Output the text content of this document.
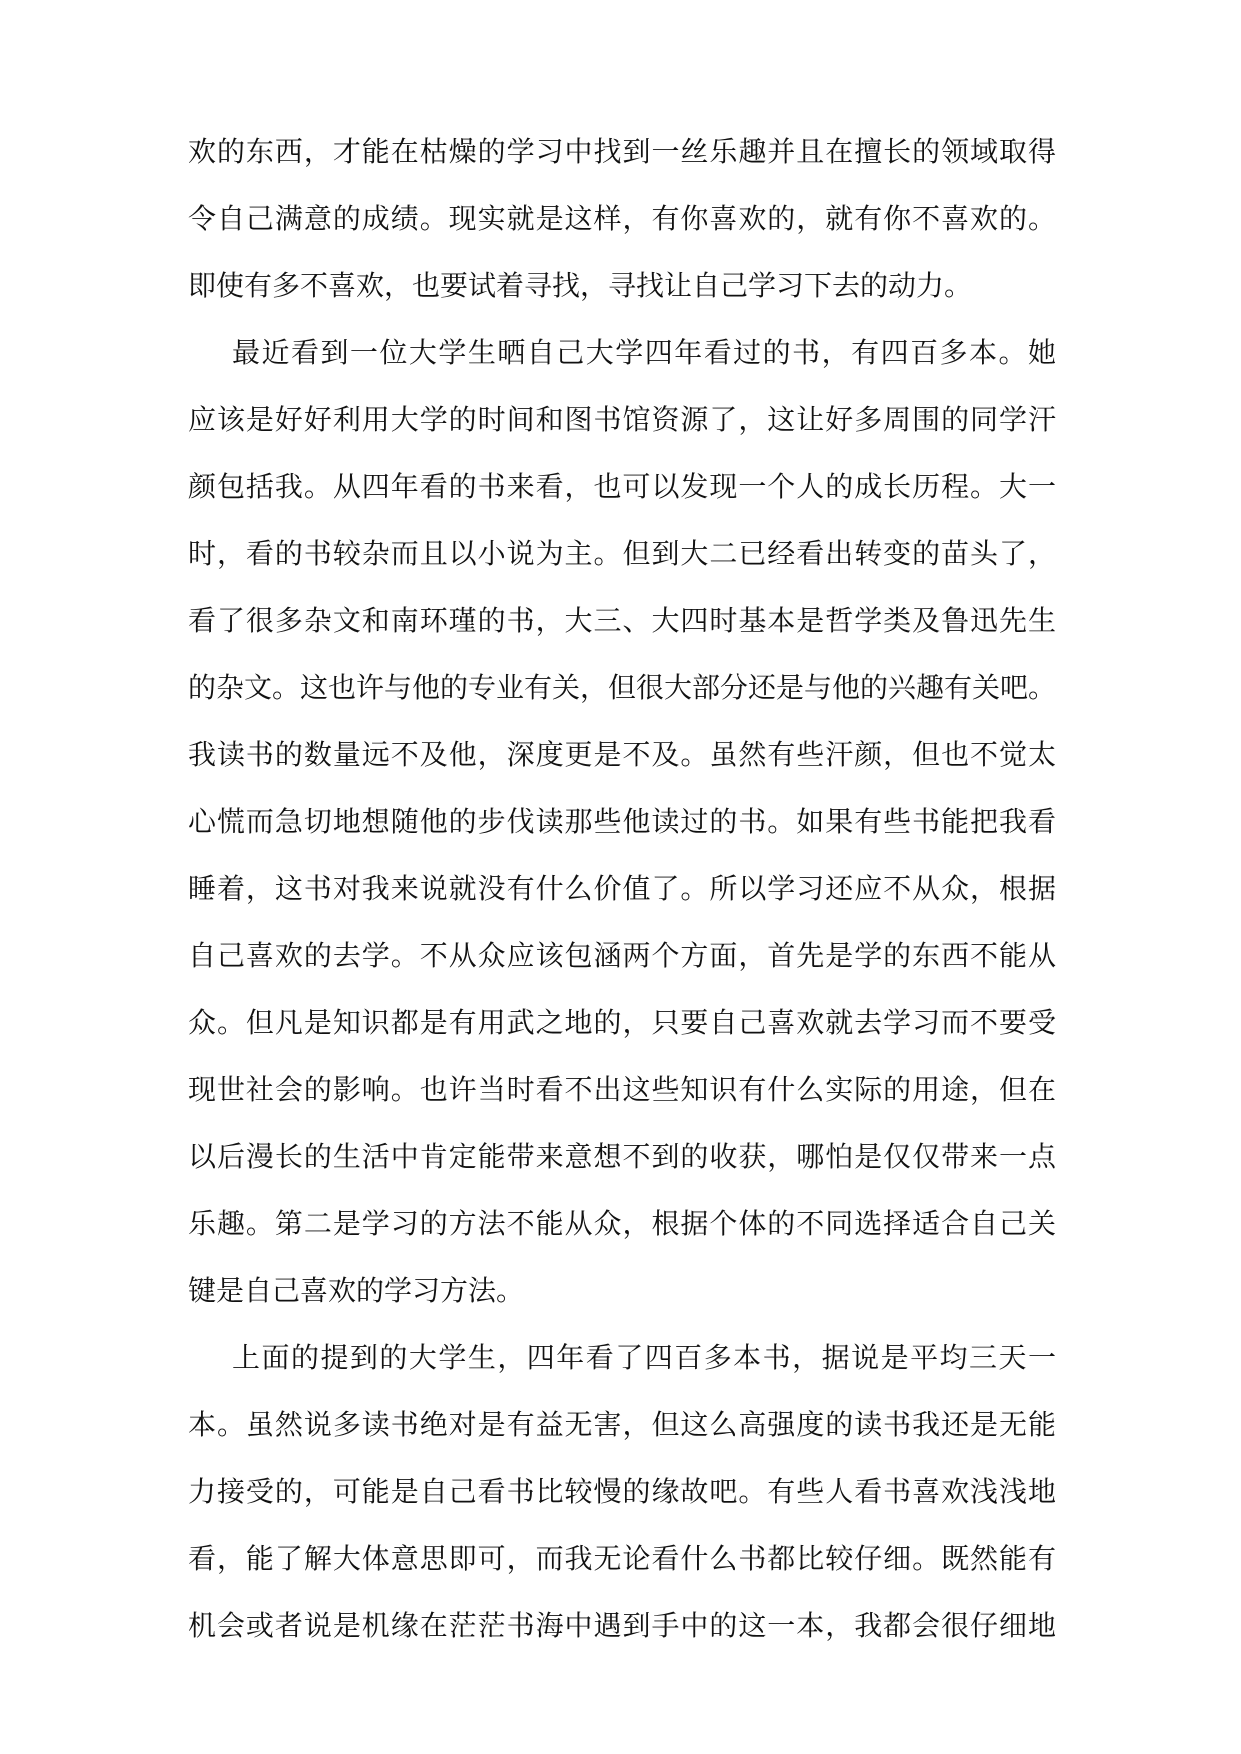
欢的东西，才能在枯燥的学习中找到一丝乐趣并且在擅长的领域取得
令自己满意的成绩。现实就是这样，有你喜欢的，就有你不喜欢的。
即使有多不喜欢，也要试着寻找，寻找让自己学习下去的动力。
最近看到一位大学生晒自己大学四年看过的书，有四百多本。她
应该是好好利用大学的时间和图书馆资源了，这让好多周围的同学汗
颜包括我。从四年看的书来看，也可以发现一个人的成长历程。大一
时，看的书较杂而且以小说为主。但到大二已经看出转变的苗头了，
看了很多杂文和南环瑾的书，大三、大四时基本是哲学类及鲁迅先生
的杂文。这也许与他的专业有关，但很大部分还是与他的兴趣有关吧。
我读书的数量远不及他，深度更是不及。虽然有些汗颜，但也不觉太
心慌而急切地想随他的步伐读那些他读过的书。如果有些书能把我看
睡着，这书对我来说就没有什么价值了。所以学习还应不从众，根据
自己喜欢的去学。不从众应该包涵两个方面，首先是学的东西不能从
众。但凡是知识都是有用武之地的，只要自己喜欢就去学习而不要受
现世社会的影响。也许当时看不出这些知识有什么实际的用途，但在
以后漫长的生活中肯定能带来意想不到的收获，哪怕是仅仅带来一点
乐趣。第二是学习的方法不能从众，根据个体的不同选择适合自己关
键是自己喜欢的学习方法。
上面的提到的大学生，四年看了四百多本书，据说是平均三天一
本。虽然说多读书绝对是有益无害，但这么高强度的读书我还是无能
力接受的，可能是自己看书比较慢的缘故吧。有些人看书喜欢浅浅地
看，能了解大体意思即可，而我无论看什么书都比较仔细。既然能有
机会或者说是机缘在茫茫书海中遇到手中的这一本，我都会很仔细地
